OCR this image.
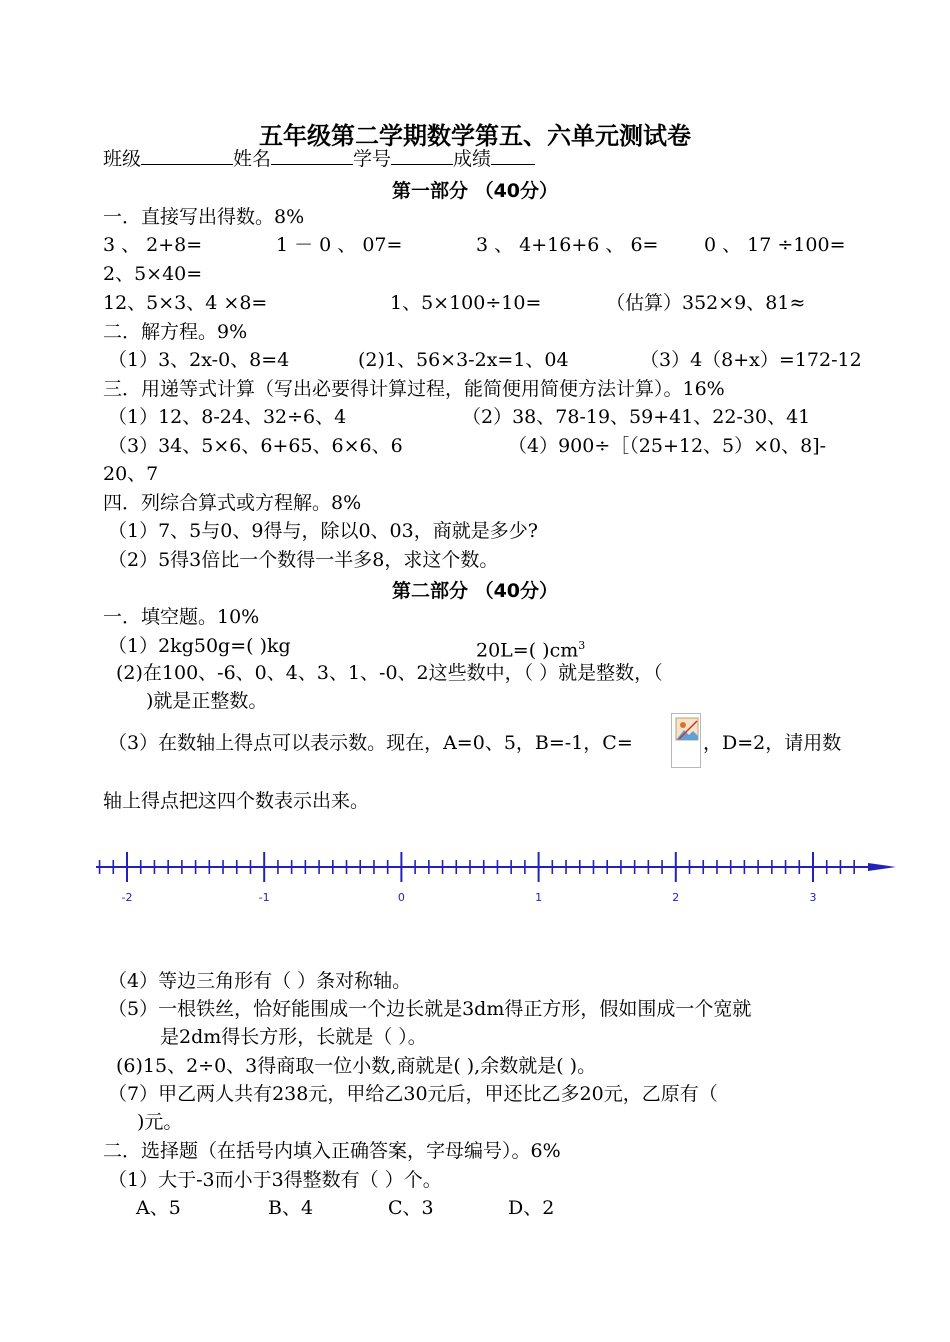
五年级第二学期数学第五、六单元测试卷
班级	姓名	学号	成绩
第一部分 （40分）
一．直接写出得数。8%
3 、 2+8=	1 － 0 、 07=	3 、 4+16+6 、 6= 0 、 17 ÷100=
2、5×40=
12、5×3、4 ×8=	1、5×100÷10=	（估算）352×9、81≈
二．解方程。9%
（1）3、2x-0、8=4	(2)1、56×3-2x=1、04	（3）4（8+x）=172-12
三．用递等式计算（写出必要得计算过程，能简便用简便方法计算）。16%
（1）12、8-24、32÷6、4	（2）38、78-19、59+41、22-30、41
（3）34、5×6、6+65、6×6、6	（4）900÷［（25+12、5）×0、8]-
20、7
四．列综合算式或方程解。8%
（1）7、5与0、9得与，除以0、03，商就是多少?
（2）5得3倍比一个数得一半多8，求这个数。
第二部分 （40分）
一．填空题。10%
（1）2kg50g=( )kg	20L=( )$cm^3$
(2)在100、-6、0、4、3、1、-0、2这些数中，（ ）就是整数，（
)就是正整数。
（3）在数轴上得点可以表示数。现在，A=0、5，B=-1，C=	，D=2，请用数
轴上得点把这四个数表示出来。
-2	-1	0	1	2	3
（4）等边三角形有（ ）条对称轴。
（5）一根铁丝，恰好能围成一个边长就是3dm得正方形，假如围成一个宽就
是2dm得长方形，长就是（ ）。
(6)15、2÷0、3得商取一位小数,商就是( ),余数就是( )。
（7）甲乙两人共有238元，甲给乙30元后，甲还比乙多20元，乙原有（
)元。
二．选择题（在括号内填入正确答案，字母编号）。6%
（1）大于-3而小于3得整数有（ ）个。
A、5	B、4	C、3	D、2
